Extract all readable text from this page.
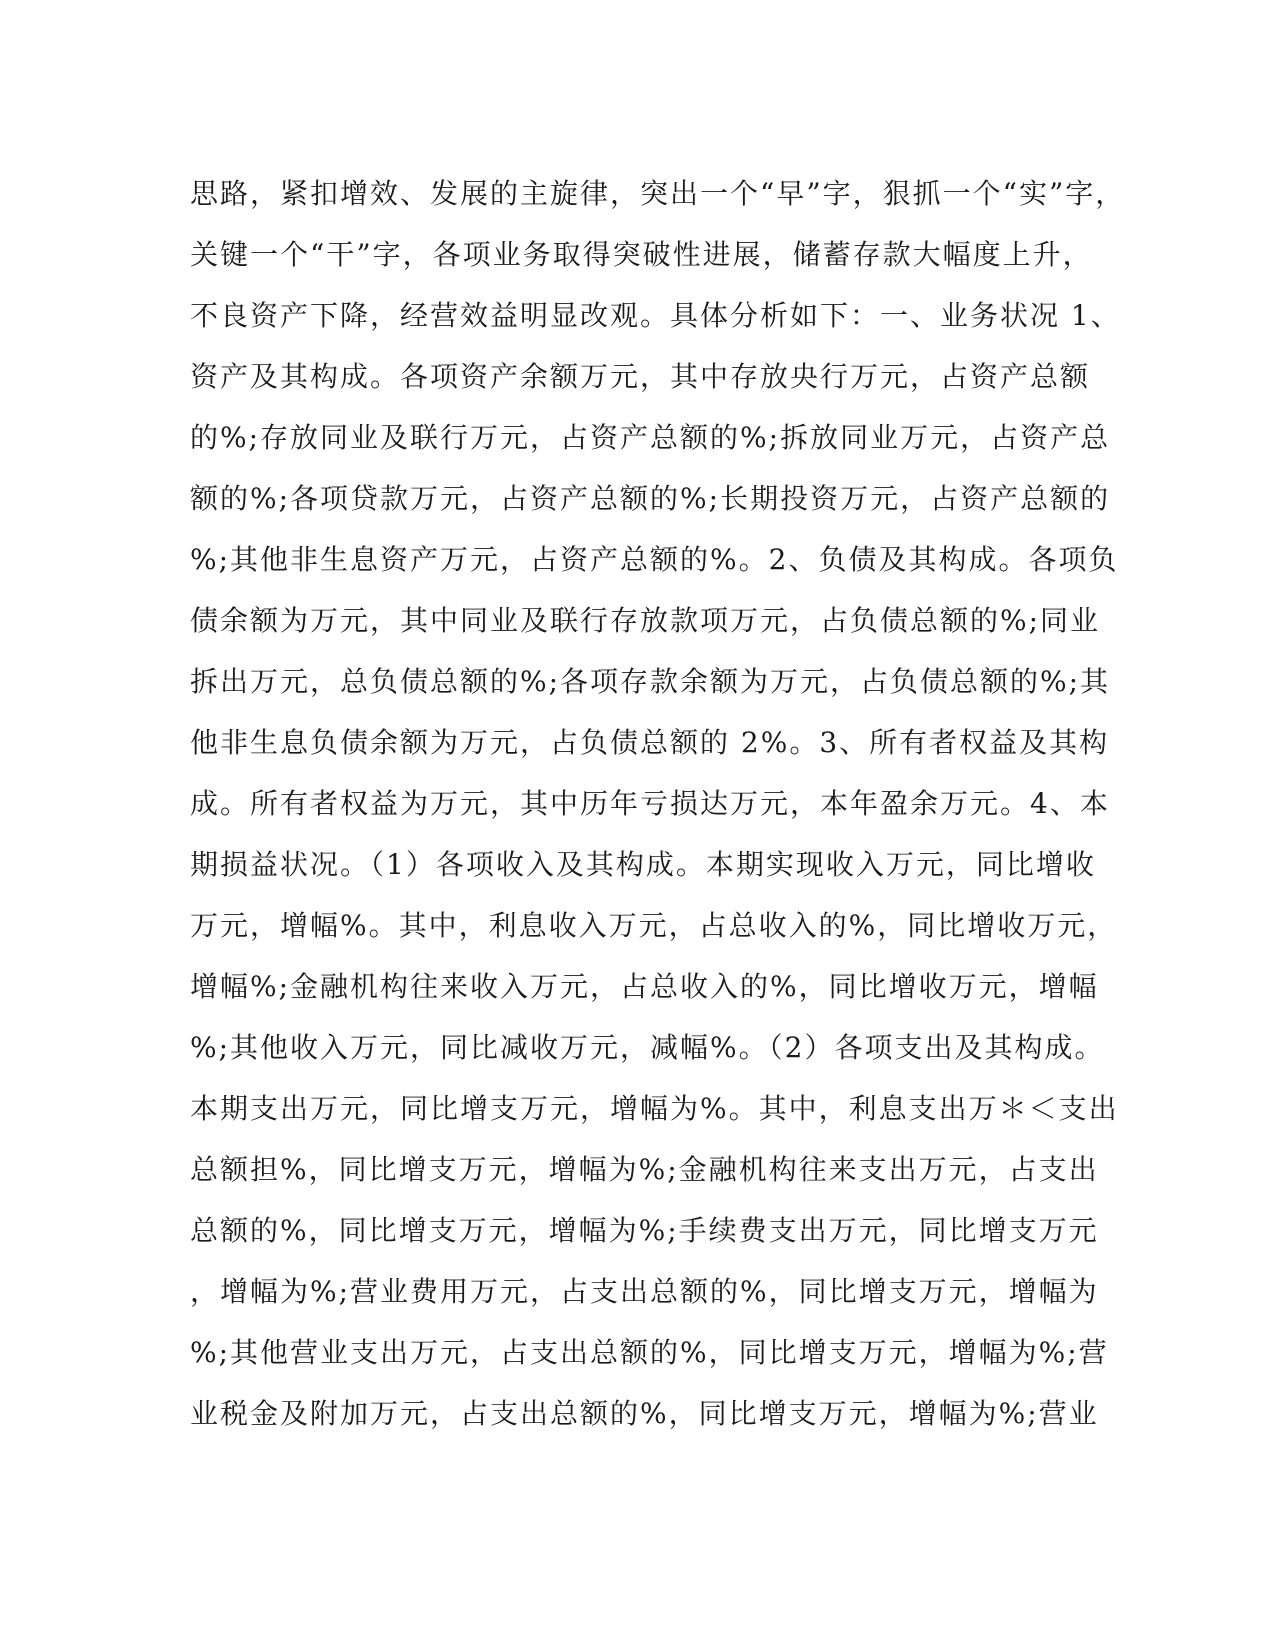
思路，紧扣增效、发展的主旋律，突出一个“早”字，狠抓一个“实”字，
关键一个“干”字，各项业务取得突破性进展，储蓄存款大幅度上升，
不良资产下降，经营效益明显改观。具体分析如下：一、业务状况 1、
资产及其构成。各项资产余额万元，其中存放央行万元，占资产总额
的%;存放同业及联行万元，占资产总额的%;拆放同业万元，占资产总
额的%;各项贷款万元，占资产总额的%;长期投资万元，占资产总额的
%;其他非生息资产万元，占资产总额的%。2、负债及其构成。各项负
债余额为万元，其中同业及联行存放款项万元，占负债总额的%;同业
拆出万元，总负债总额的%;各项存款余额为万元，占负债总额的%;其
他非生息负债余额为万元，占负债总额的 2%。3、所有者权益及其构
成。所有者权益为万元，其中历年亏损达万元，本年盈余万元。4、本
期损益状况。（1）各项收入及其构成。本期实现收入万元，同比增收
万元，增幅%。其中，利息收入万元，占总收入的%，同比增收万元，
增幅%;金融机构往来收入万元，占总收入的%，同比增收万元，增幅
%;其他收入万元，同比减收万元，减幅%。（2）各项支出及其构成。
本期支出万元，同比增支万元，增幅为%。其中，利息支出万＊＜支出
总额担%，同比增支万元，增幅为%;金融机构往来支出万元，占支出
总额的%，同比增支万元，增幅为%;手续费支出万元，同比增支万元
，增幅为%;营业费用万元，占支出总额的%，同比增支万元，增幅为
%;其他营业支出万元，占支出总额的%，同比增支万元，增幅为%;营
业税金及附加万元，占支出总额的%，同比增支万元，增幅为%;营业
